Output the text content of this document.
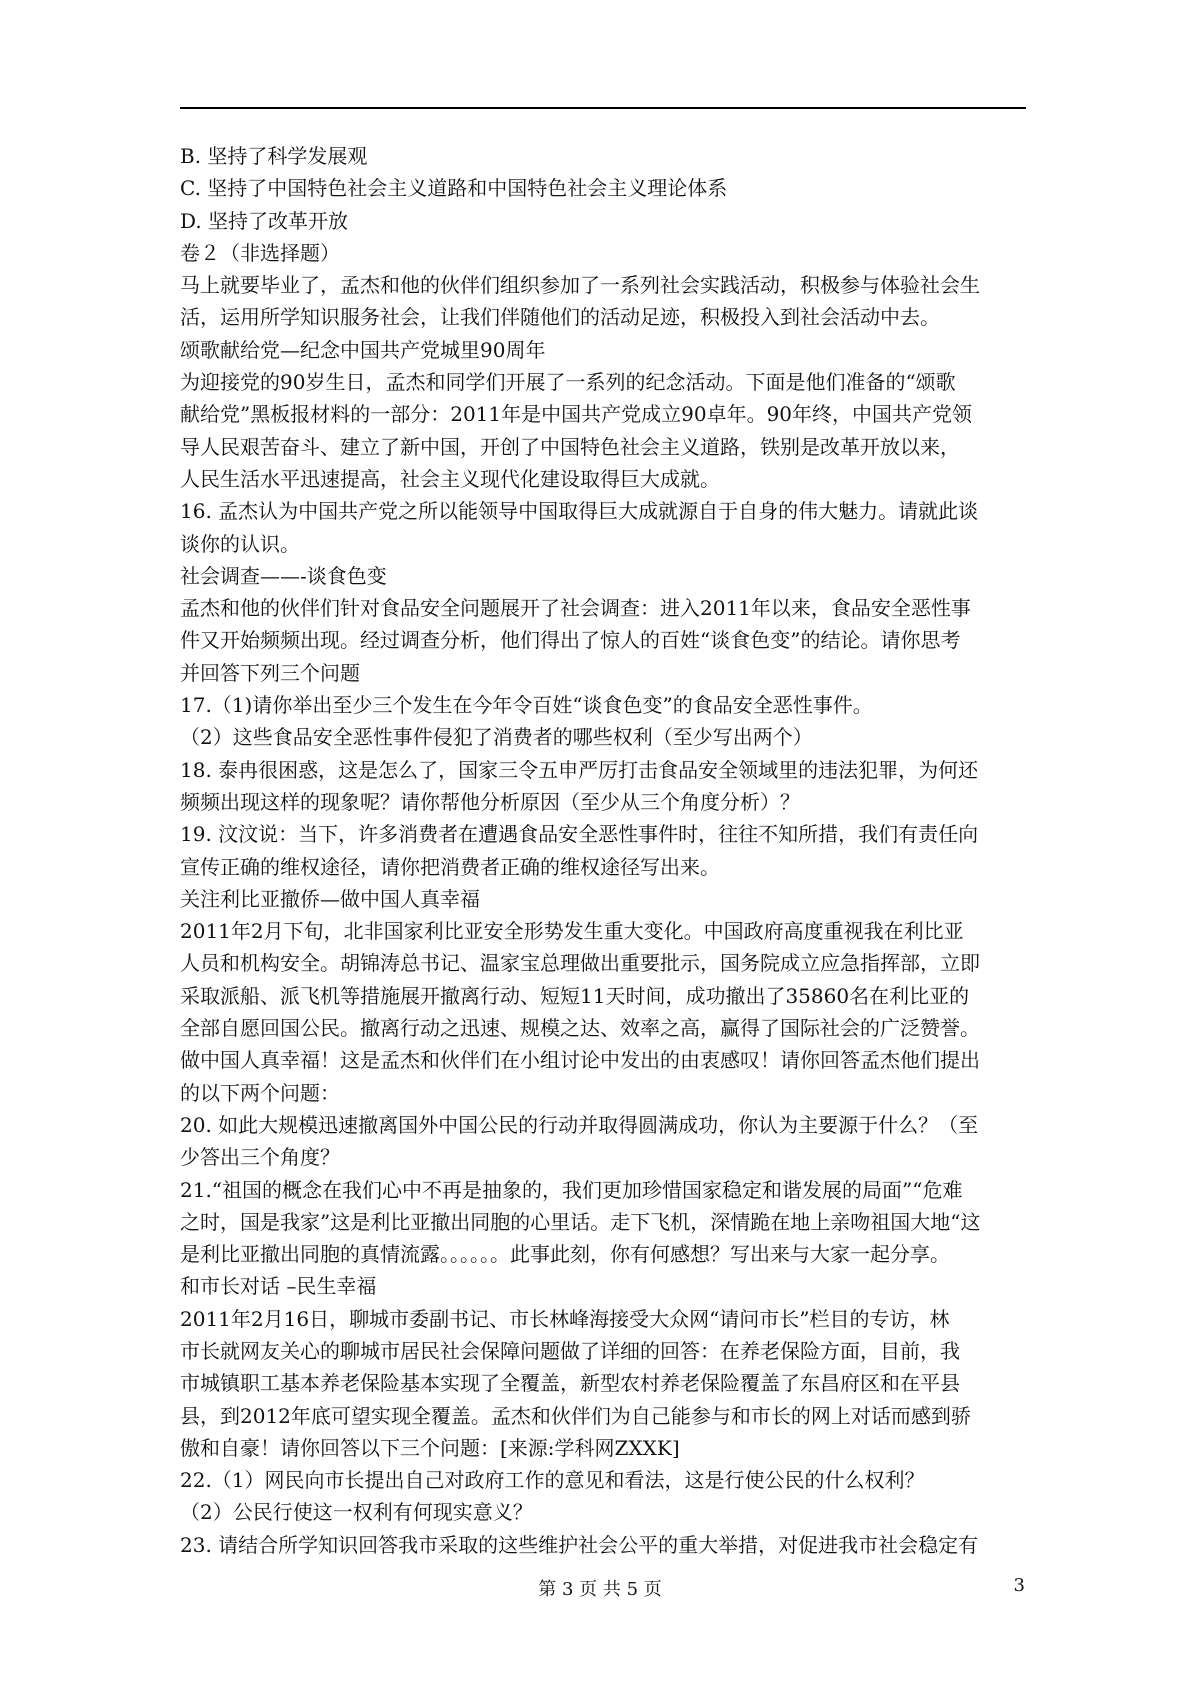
B. 坚持了科学发展观

C. 坚持了中国特色社会主义道路和中国特色社会主义理论体系

D. 坚持了改革开放

卷２（非选择题）

马上就要毕业了，孟杰和他的伙伴们组织参加了一系列社会实践活动，积极参与体验社会生

活，运用所学知识服务社会，让我们伴随他们的活动足迹，积极投入到社会活动中去。

颂歌献给党—纪念中国共产党城里90周年

为迎接党的90岁生日，孟杰和同学们开展了一系列的纪念活动。下面是他们准备的“颂歌

献给党”黑板报材料的一部分：2011年是中国共产党成立90卓年。90年终，中国共产党领

导人民艰苦奋斗、建立了新中国，开创了中国特色社会主义道路，铁别是改革开放以来，

人民生活水平迅速提高，社会主义现代化建设取得巨大成就。

16. 孟杰认为中国共产党之所以能领导中国取得巨大成就源自于自身的伟大魅力。请就此谈

谈你的认识。

社会调查——-谈食色变

孟杰和他的伙伴们针对食品安全问题展开了社会调查：进入2011年以来，食品安全恶性事

件又开始频频出现。经过调查分析，他们得出了惊人的百姓“谈食色变”的结论。请你思考

并回答下列三个问题

17.（1)请你举出至少三个发生在今年令百姓“谈食色变”的食品安全恶性事件。

（2）这些食品安全恶性事件侵犯了消费者的哪些权利（至少写出两个）

18. 泰冉很困惑，这是怎么了，国家三令五申严厉打击食品安全领域里的违法犯罪，为何还

频频出现这样的现象呢？请你帮他分析原因（至少从三个角度分析）？

19. 汶汶说：当下，许多消费者在遭遇食品安全恶性事件时，往往不知所措，我们有责任向

宣传正确的维权途径，请你把消费者正确的维权途径写出来。

关注利比亚撤侨—做中国人真幸福

2011年2月下旬，北非国家利比亚安全形势发生重大变化。中国政府高度重视我在利比亚

人员和机构安全。胡锦涛总书记、温家宝总理做出重要批示，国务院成立应急指挥部，立即

采取派船、派飞机等措施展开撤离行动、短短11天时间，成功撤出了35860名在利比亚的

全部自愿回国公民。撤离行动之迅速、规模之达、效率之高，赢得了国际社会的广泛赞誉。

做中国人真幸福！这是孟杰和伙伴们在小组讨论中发出的由衷感叹！请你回答孟杰他们提出

的以下两个问题：

20. 如此大规模迅速撤离国外中国公民的行动并取得圆满成功，你认为主要源于什么？（至

少答出三个角度？

21.“祖国的概念在我们心中不再是抽象的，我们更加珍惜国家稳定和谐发展的局面”“危难

之时，国是我家”这是利比亚撤出同胞的心里话。走下飞机，深情跪在地上亲吻祖国大地“这

是利比亚撤出同胞的真情流露。。。。。。此事此刻，你有何感想？写出来与大家一起分享。

和市长对话 –民生幸福

2011年2月16日，聊城市委副书记、市长林峰海接受大众网“请问市长”栏目的专访，林

市长就网友关心的聊城市居民社会保障问题做了详细的回答：在养老保险方面，目前，我

市城镇职工基本养老保险基本实现了全覆盖，新型农村养老保险覆盖了东昌府区和在平县

县，到2012年底可望实现全覆盖。孟杰和伙伴们为自己能参与和市长的网上对话而感到骄

傲和自豪！请你回答以下三个问题：[来源:学科网ZXXK]

22.（1）网民向市长提出自己对政府工作的意见和看法，这是行使公民的什么权利？

（2）公民行使这一权利有何现实意义？

23. 请结合所学知识回答我市采取的这些维护社会公平的重大举措，对促进我市社会稳定有

第 3 页 共 5 页	3
